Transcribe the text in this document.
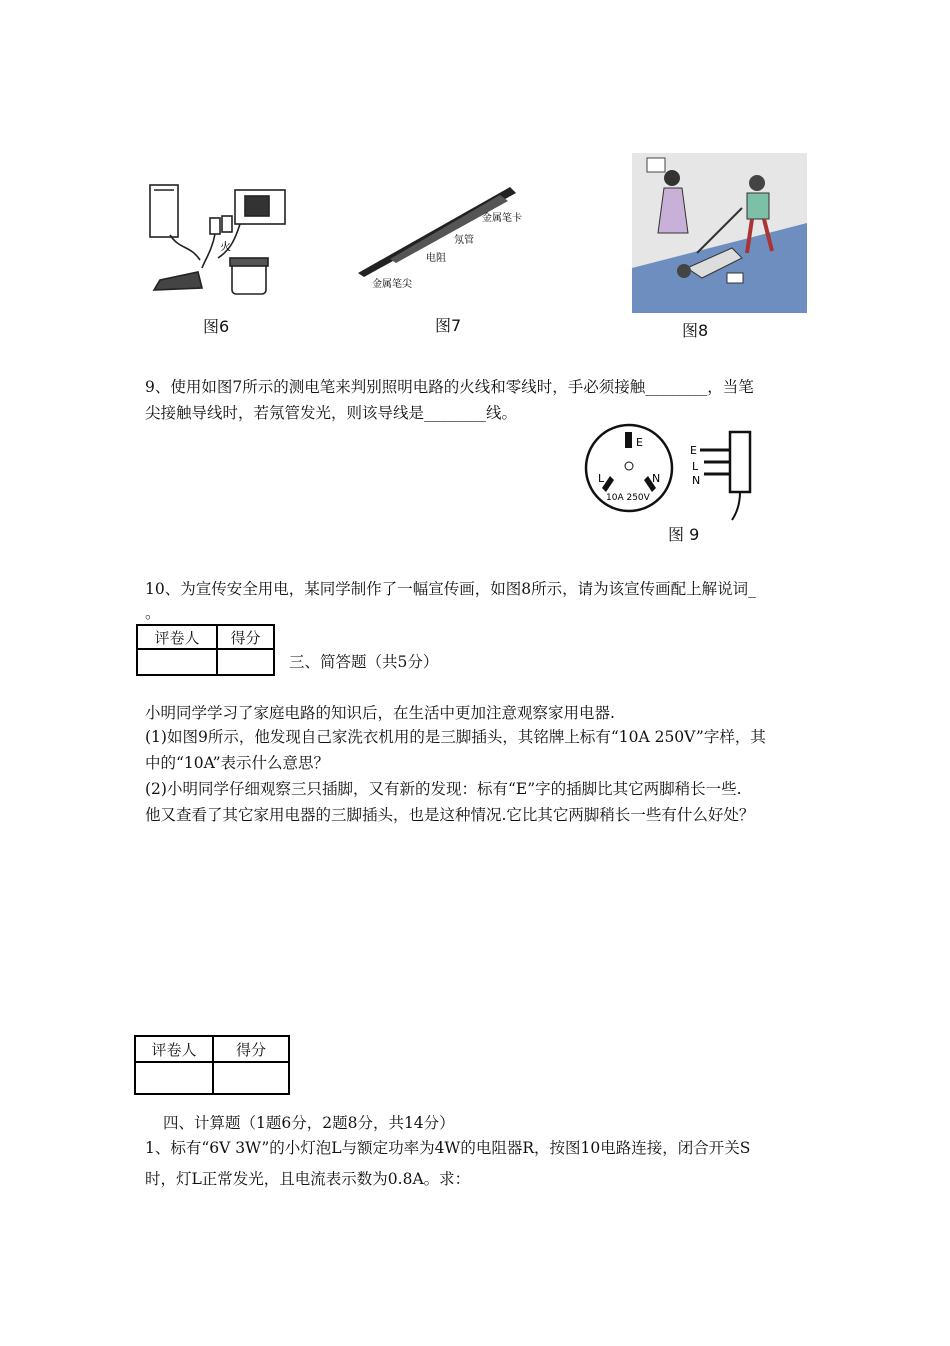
火
图6
金属笔卡
氖管
电阻
金属笔尖
图7	图8
9、使用如图7所示的测电笔来判别照明电路的火线和零线时，手必须接触________，当笔
尖接触导线时，若氖管发光，则该导线是________线。
E
L	N
10A 250V
E
L
N
图 9
10、为宣传安全用电，某同学制作了一幅宣传画，如图8所示，请为该宣传画配上解说词_
。
评卷人	得分

三、简答题（共5分）
小明同学学习了家庭电路的知识后，在生活中更加注意观察家用电器.
(1)如图9所示，他发现自己家洗衣机用的是三脚插头，其铭牌上标有“10A 250V”字样，其
中的“10A”表示什么意思？
(2)小明同学仔细观察三只插脚，又有新的发现：标有“E”字的插脚比其它两脚稍长一些.
他又查看了其它家用电器的三脚插头，也是这种情况.它比其它两脚稍长一些有什么好处？
评卷人	得分

四、计算题（1题6分，2题8分，共14分）
1、标有“6V 3W”的小灯泡L与额定功率为4W的电阻器R，按图10电路连接，闭合开关S
时，灯L正常发光，且电流表示数为0.8A。求：
